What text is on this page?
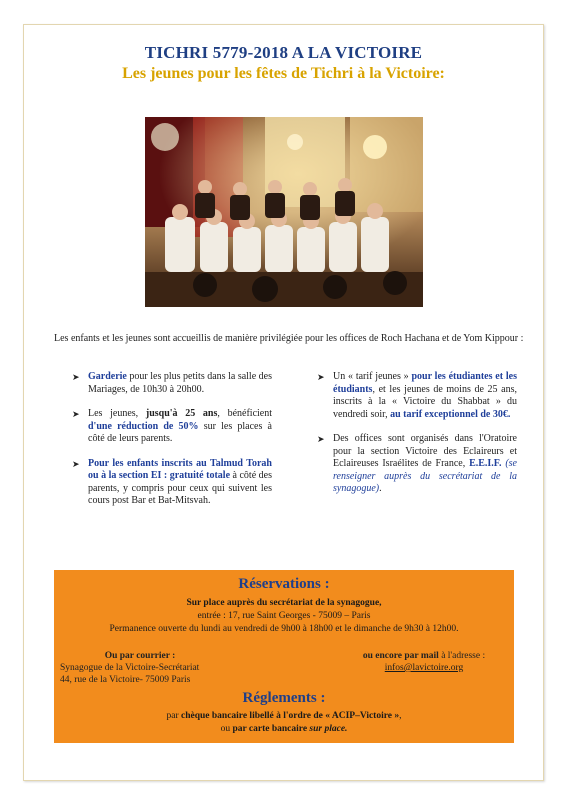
TICHRI 5779-2018 A LA VICTOIRE
Les jeunes pour les fêtes de Tichri à la Victoire:
Les enfants et les jeunes sont accueillis de manière privilégiée pour les offices de Roch Hachana et de Yom Kippour :
➤ Garderie pour les plus petits dans la salle des Mariages, de 10h30 à 20h00.
➤ Les jeunes, jusqu'à 25 ans, bénéficient d'une réduction de 50% sur les places à côté de leurs parents.
➤ Pour les enfants inscrits au Talmud Torah ou à la section EI : gratuité totale à côté des parents, y compris pour ceux qui suivent les cours post Bar et Bat-Mitsvah.
➤ Un « tarif jeunes » pour les étudiantes et les étudiants, et les jeunes de moins de 25 ans, inscrits à la « Victoire du Shabbat » du vendredi soir, au tarif exceptionnel de 30€.
➤ Des offices sont organisés dans l'Oratoire pour la section Victoire des Eclaireurs et Eclaireuses Israélites de France, E.E.I.F. (se renseigner auprès du secrétariat de la synagogue).
Réservations :
Sur place auprès du secrétariat de la synagogue,
entrée : 17, rue Saint Georges - 75009 – Paris
Permanence ouverte du lundi au vendredi de 9h00 à 18h00 et le dimanche de 9h30 à 12h00.
Ou par courrier :
Synagogue de la Victoire-Secrétariat
44, rue de la Victoire- 75009 Paris
ou encore par mail à l'adresse :
infos@lavictoire.org
Réglements :
par chèque bancaire libellé à l'ordre de « ACIP–Victoire »,
ou par carte bancaire sur place.
